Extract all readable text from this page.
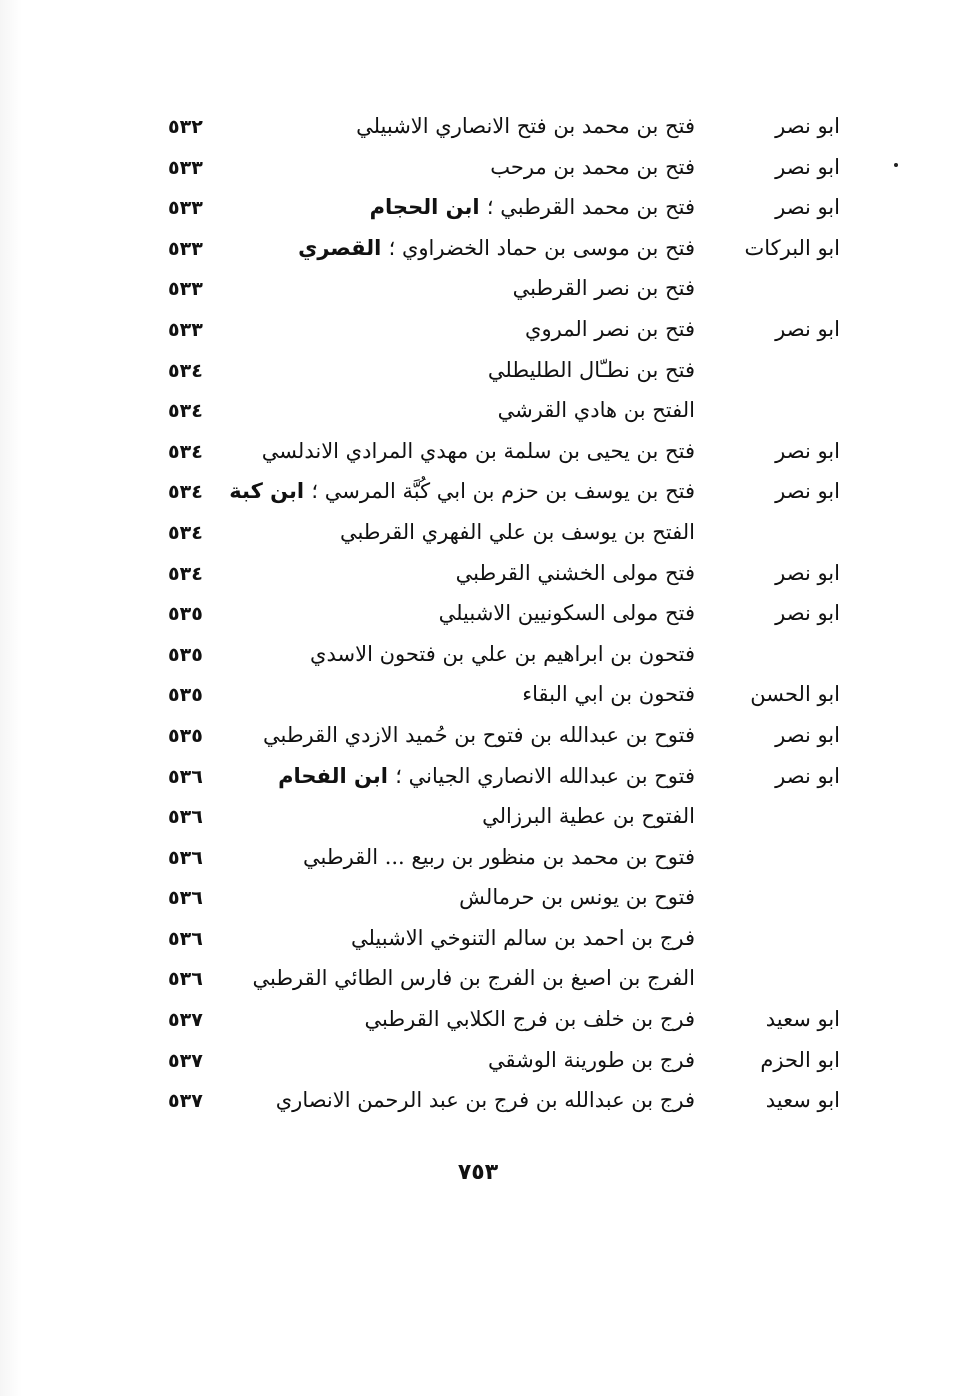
ابو نصر
فتح بن محمد بن فتح الانصاري الاشبيلي
٥٣٢
ابو نصر
فتح بن محمد بن مرحب
٥٣٣
ابو نصر
فتح بن محمد القرطبي ؛ ابن الحجام
٥٣٣
ابو البركات
فتح بن موسى بن حماد الخضراوي ؛ القصري
٥٣٣
فتح بن نصر القرطبي
٥٣٣
ابو نصر
فتح بن نصر المروي
٥٣٣
فتح بن نطـّال الطليطلي
٥٣٤
الفتح بن هادي القرشي
٥٣٤
ابو نصر
فتح بن يحيى بن سلمة بن مهدي المرادي الاندلسي
٥٣٤
ابو نصر
فتح بن يوسف بن حزم بن ابي كُبَّة المرسي ؛ ابن كبة
٥٣٤
الفتح بن يوسف بن علي الفهري القرطبي
٥٣٤
ابو نصر
فتح مولى الخشني القرطبي
٥٣٤
ابو نصر
فتح مولى السكونيين الاشبيلي
٥٣٥
فتحون بن ابراهيم بن علي بن فتحون الاسدي
٥٣٥
ابو الحسن
فتحون بن ابي البقاء
٥٣٥
ابو نصر
فتوح بن عبدالله بن فتوح بن حُميد الازدي القرطبي
٥٣٥
ابو نصر
فتوح بن عبدالله الانصاري الجياني ؛ ابن الفحام
٥٣٦
الفتوح بن عطية البرزالي
٥٣٦
فتوح بن محمد بن منظور بن ربيع ... القرطبي
٥٣٦
فتوح بن يونس بن حرمالش
٥٣٦
فرج بن احمد بن سالم التنوخي الاشبيلي
٥٣٦
الفرج بن اصبغ بن الفرج بن فارس الطائي القرطبي
٥٣٦
ابو سعيد
فرج بن خلف بن فرج الكلابي القرطبي
٥٣٧
ابو الحزم
فرج بن طورينة الوشقي
٥٣٧
ابو سعيد
فرج بن عبدالله بن فرج بن عبد الرحمن الانصاري
٥٣٧
٧٥٣
